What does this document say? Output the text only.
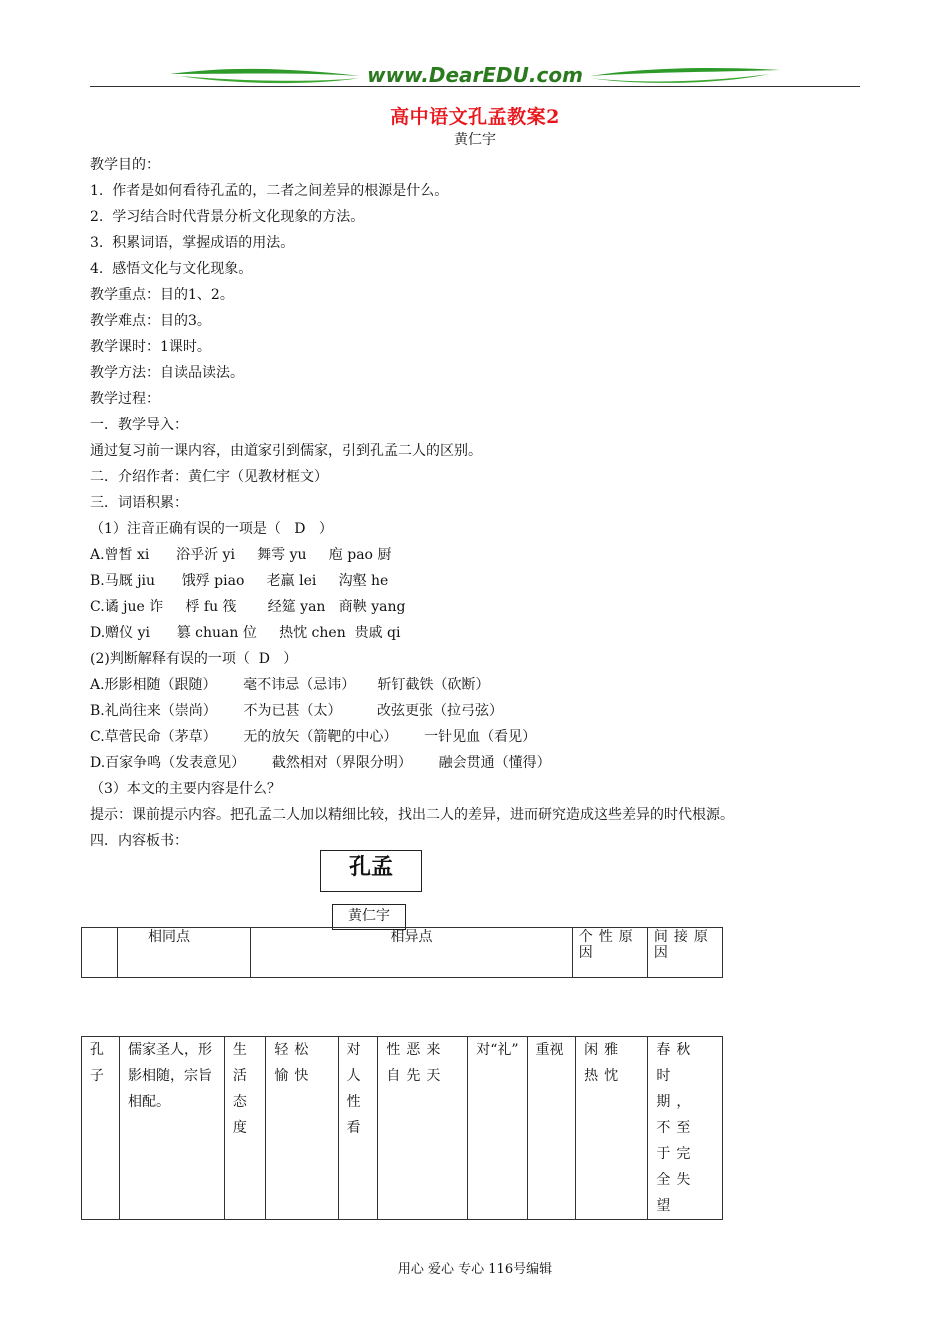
www.DearEDU.com
高中语文孔孟教案2
黄仁宇
教学目的：
1.  作者是如何看待孔孟的，二者之间差异的根源是什么。
2.  学习结合时代背景分析文化现象的方法。
3.  积累词语，掌握成语的用法。
4.  感悟文化与文化现象。
教学重点：目的1、2。
教学难点：目的3。
教学课时：1课时。
教学方法：自读品读法。
教学过程：
一．教学导入：
通过复习前一课内容，由道家引到儒家，引到孔孟二人的区别。
二．介绍作者：黄仁宇（见教材框文）
三．词语积累：
（1）注音正确有误的一项是（   D   ）
A.曾皙 xi      浴乎沂 yi     舞雩 yu     庖 pao 厨
B.马厩 jiu      饿殍 piao     老羸 lei     沟壑 he
C.谲 jue 诈     桴 fu 筏       经筵 yan   商鞅 yang
D.赠仪 yi      篡 chuan 位     热忱 chen  贵戚 qi
(2)判断解释有误的一项（  D   ）
A.形影相随（跟随）      毫不讳忌（忌讳）     斩钉截铁（砍断）
B.礼尚往来（崇尚）      不为已甚（太）        改弦更张（拉弓弦）
C.草菅民命（茅草）      无的放矢（箭靶的中心）      一针见血（看见）
D.百家争鸣（发表意见）      截然相对（界限分明）      融会贯通（懂得）
（3）本文的主要内容是什么？
提示：课前提示内容。把孔孟二人加以精细比较，找出二人的差异，进而研究造成这些差异的时代根源。
四．内容板书：
孔孟
黄仁宇
	相同点	相异点	个性原因	间接原因
孔子	儒家圣人，形影相随，宗旨相配。	生活态度	轻松愉快	对人性看	性恶来自先天	对“礼”	重视	闲雅热忱	春秋时期，不至于完全失望
用心 爱心 专心 116号编辑
